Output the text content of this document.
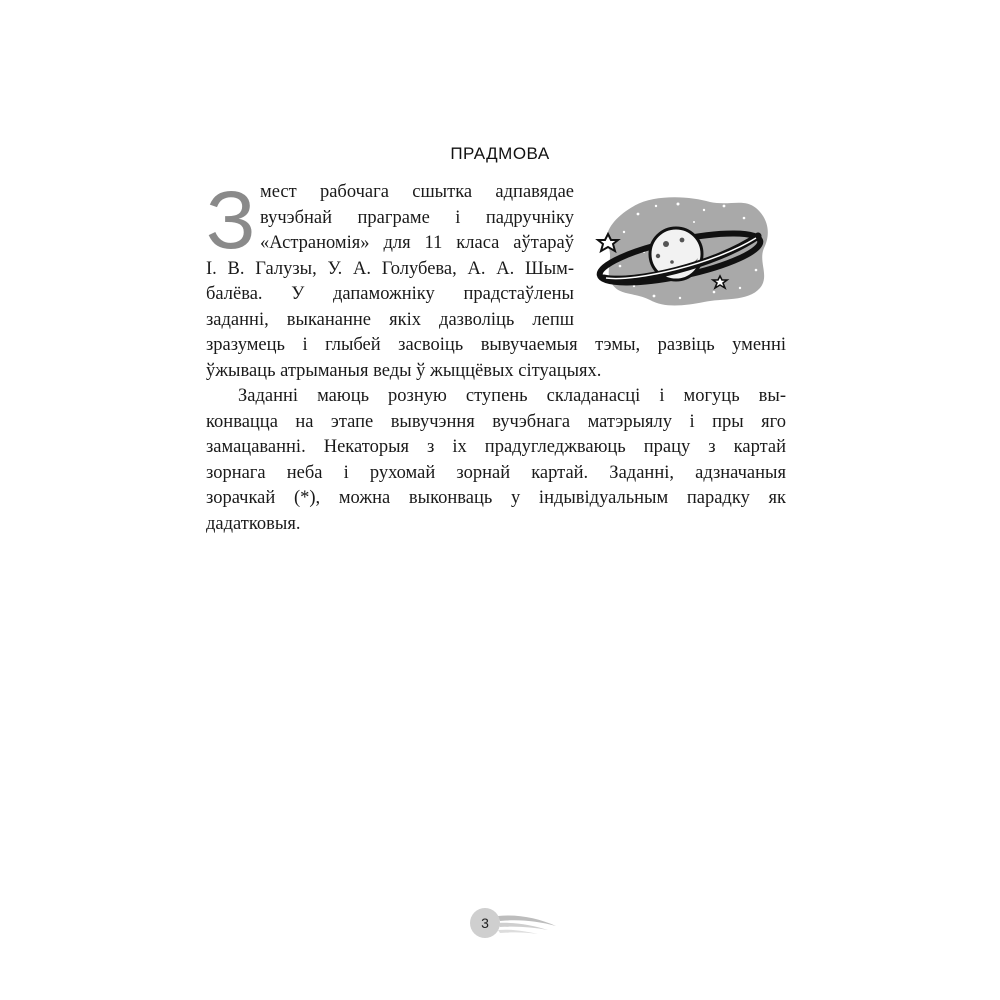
ПРАДМОВА
З мест рабочага сшытка адпавядае
вучэбнай праграме і падручніку
«Астраномія» для 11 класа аўтараў
І. В. Галузы, У. А. Голубева, А. А. Шым-
балёва. У дапаможніку прадстаўлены
заданні, выкананне якіх дазволіць лепш
зразумець і глыбей засвоіць вывучаемыя тэмы, развіць уменні
ўжываць атрыманыя веды ў жыццёвых сітуацыях.
Заданні маюць розную ступень складанасці і могуць вы-
конвацца на этапе вывучэння вучэбнага матэрыялу і пры яго
замацаванні. Некаторыя з іх прадугледжваюць працу з картай
зорнага неба і рухомай зорнай картай. Заданні, адзначаныя
зорачкай (*), можна выконваць у індывідуальным парадку як
дадатковыя.
3
